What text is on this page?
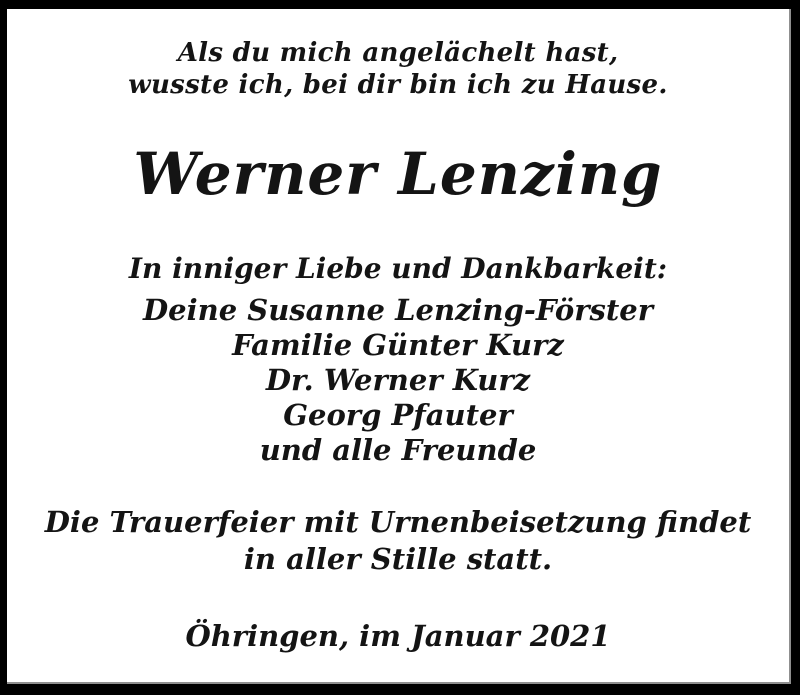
Als du mich angelächelt hast,
wusste ich, bei dir bin ich zu Hause.
Werner Lenzing
In inniger Liebe und Dankbarkeit:
Deine Susanne Lenzing-Förster
Familie Günter Kurz
Dr. Werner Kurz
Georg Pfauter
und alle Freunde
Die Trauerfeier mit Urnenbeisetzung findet
in aller Stille statt.
Öhringen, im Januar 2021
